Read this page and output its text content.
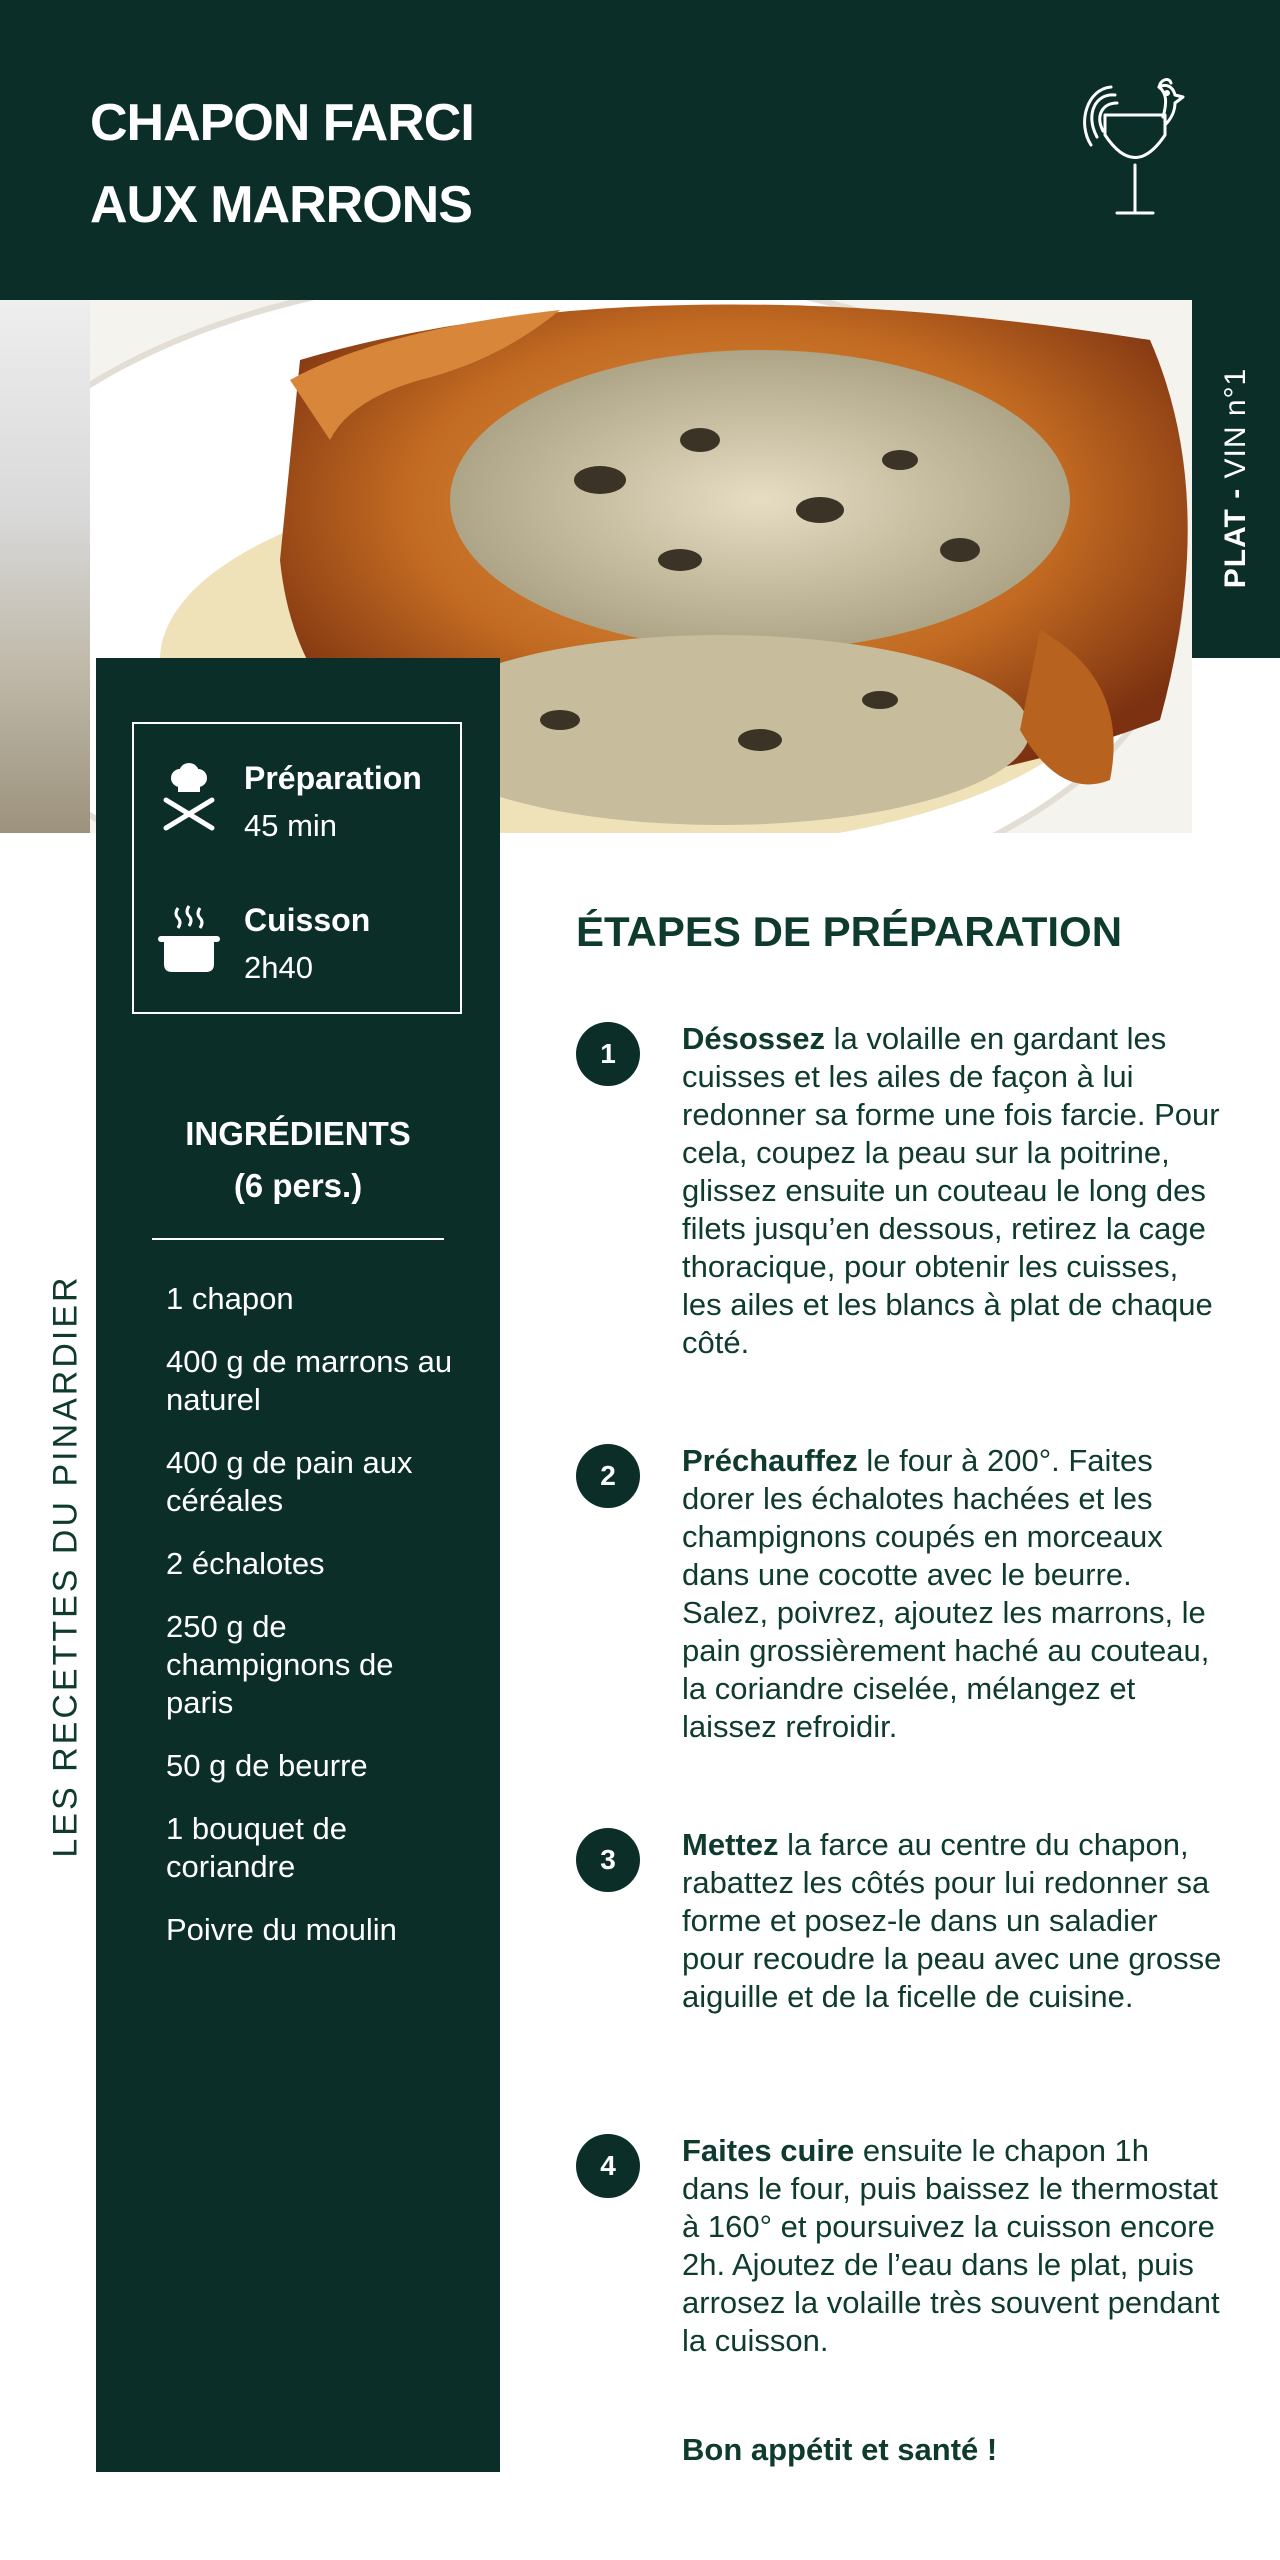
CHAPON FARCI
AUX MARRONS
PLAT - VIN n°1
Préparation
45 min
Cuisson
2h40
INGRÉDIENTS
(6 pers.)
1 chapon
400 g de marrons au naturel
400 g de pain aux céréales
2 échalotes
250 g de champignons de paris
50 g de beurre
1 bouquet de coriandre
Poivre du moulin
LES RECETTES DU PINARDIER
ÉTAPES DE PRÉPARATION
1	Désossez la volaille en gardant les cuisses et les ailes de façon à lui redonner sa forme une fois farcie. Pour cela, coupez la peau sur la poitrine, glissez ensuite un couteau le long des filets jusqu’en dessous, retirez la cage thoracique, pour obtenir les cuisses, les ailes et les blancs à plat de chaque côté.
2	Préchauffez le four à 200°. Faites dorer les échalotes hachées et les champignons coupés en morceaux dans une cocotte avec le beurre. Salez, poivrez, ajoutez les marrons, le pain grossièrement haché au couteau, la coriandre ciselée, mélangez et laissez refroidir.
3	Mettez la farce au centre du chapon, rabattez les côtés pour lui redonner sa forme et posez-le dans un saladier pour recoudre la peau avec une grosse aiguille et de la ficelle de cuisine.
4	Faites cuire ensuite le chapon 1h dans le four, puis baissez le thermostat à 160° et poursuivez la cuisson encore 2h. Ajoutez de l’eau dans le plat, puis arrosez la volaille très souvent pendant la cuisson.
Bon appétit et santé !
